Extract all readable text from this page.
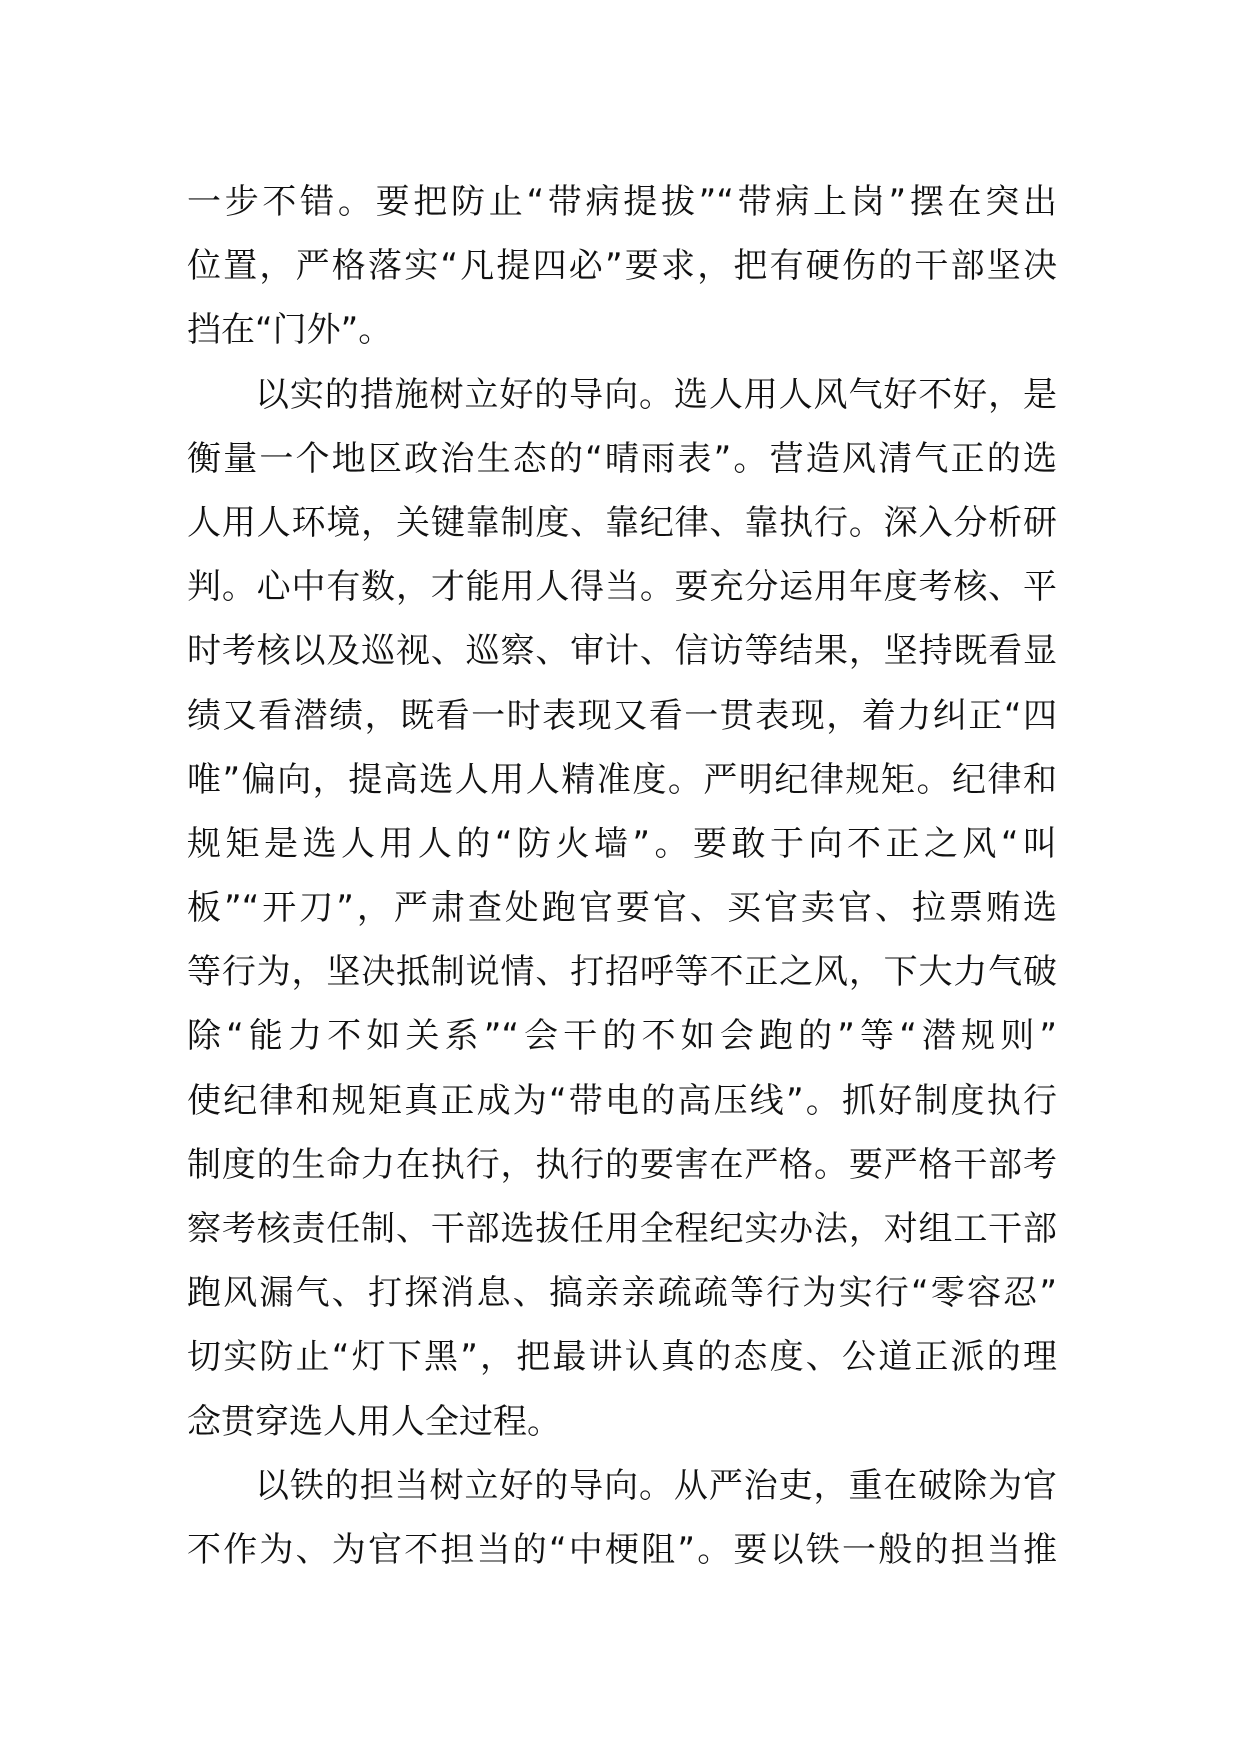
一步不错。要把防止“带病提拔”“带病上岗”摆在突出
位置，严格落实“凡提四必”要求，把有硬伤的干部坚决
挡在“门外”。
以实的措施树立好的导向。选人用人风气好不好，是
衡量一个地区政治生态的“晴雨表”。营造风清气正的选
人用人环境，关键靠制度、靠纪律、靠执行。深入分析研
判。心中有数，才能用人得当。要充分运用年度考核、平
时考核以及巡视、巡察、审计、信访等结果，坚持既看显
绩又看潜绩，既看一时表现又看一贯表现，着力纠正“四
唯”偏向，提高选人用人精准度。严明纪律规矩。纪律和
规矩是选人用人的“防火墙”。要敢于向不正之风“叫
板”“开刀”，严肃查处跑官要官、买官卖官、拉票贿选
等行为，坚决抵制说情、打招呼等不正之风，下大力气破
除“能力不如关系”“会干的不如会跑的”等“潜规则”
使纪律和规矩真正成为“带电的高压线”。抓好制度执行
制度的生命力在执行，执行的要害在严格。要严格干部考
察考核责任制、干部选拔任用全程纪实办法，对组工干部
跑风漏气、打探消息、搞亲亲疏疏等行为实行“零容忍”
切实防止“灯下黑”，把最讲认真的态度、公道正派的理
念贯穿选人用人全过程。
以铁的担当树立好的导向。从严治吏，重在破除为官
不作为、为官不担当的“中梗阻”。要以铁一般的担当推
